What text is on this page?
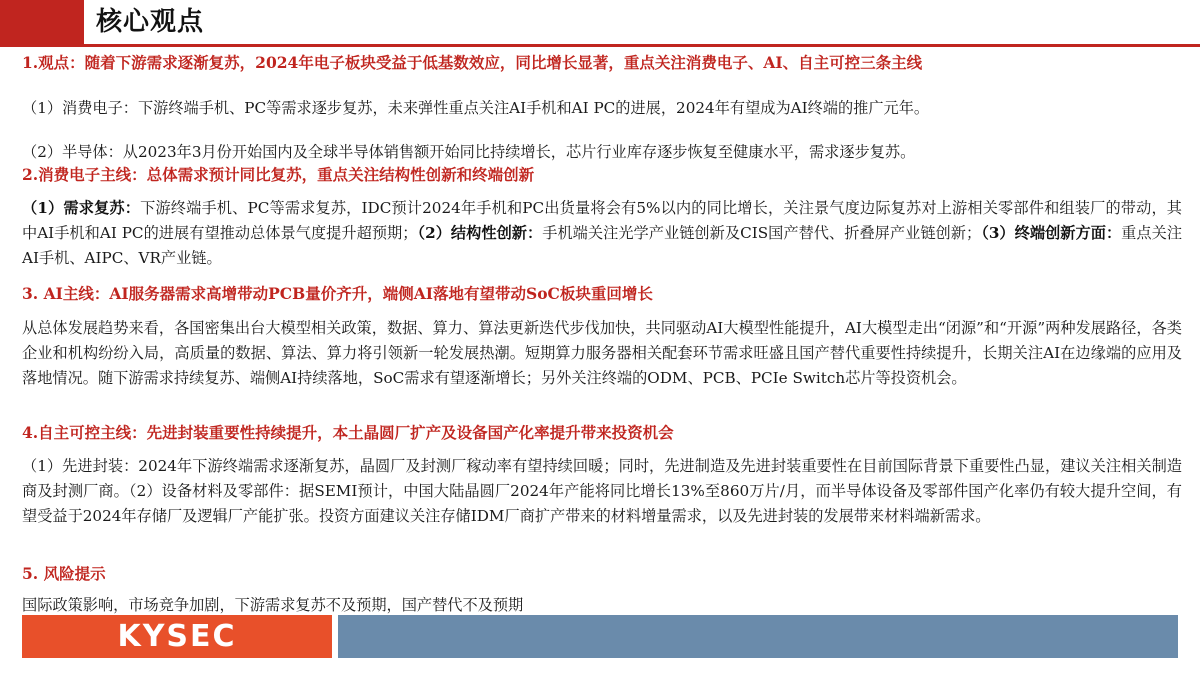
核心观点
1.观点：随着下游需求逐渐复苏，2024年电子板块受益于低基数效应，同比增长显著，重点关注消费电子、AI、自主可控三条主线
（1）消费电子：下游终端手机、PC等需求逐步复苏，未来弹性重点关注AI手机和AI PC的进展，2024年有望成为AI终端的推广元年。
（2）半导体：从2023年3月份开始国内及全球半导体销售额开始同比持续增长，芯片行业库存逐步恢复至健康水平，需求逐步复苏。
2.消费电子主线：总体需求预计同比复苏，重点关注结构性创新和终端创新
（1）需求复苏：下游终端手机、PC等需求复苏，IDC预计2024年手机和PC出货量将会有5%以内的同比增长，关注景气度边际复苏对上游相关零部件和组装厂的带动，其中AI手机和AI PC的进展有望推动总体景气度提升超预期；（2）结构性创新：手机端关注光学产业链创新及CIS国产替代、折叠屏产业链创新；（3）终端创新方面：重点关注AI手机、AIPC、VR产业链。
3. AI主线：AI服务器需求高增带动PCB量价齐升，端侧AI落地有望带动SoC板块重回增长
从总体发展趋势来看，各国密集出台大模型相关政策，数据、算力、算法更新迭代步伐加快，共同驱动AI大模型性能提升，AI大模型走出“闭源”和“开源”两种发展路径，各类企业和机构纷纷入局，高质量的数据、算法、算力将引领新一轮发展热潮。短期算力服务器相关配套环节需求旺盛且国产替代重要性持续提升，长期关注AI在边缘端的应用及落地情况。随下游需求持续复苏、端侧AI持续落地，SoC需求有望逐渐增长；另外关注终端的ODM、PCB、PCIe Switch芯片等投资机会。
4.自主可控主线：先进封装重要性持续提升，本土晶圆厂扩产及设备国产化率提升带来投资机会
（1）先进封装：2024年下游终端需求逐渐复苏，晶圆厂及封测厂稼动率有望持续回暖；同时，先进制造及先进封装重要性在目前国际背景下重要性凸显，建议关注相关制造商及封测厂商。（2）设备材料及零部件：据SEMI预计，中国大陆晶圆厂2024年产能将同比增长13%至860万片/月，而半导体设备及零部件国产化率仍有较大提升空间，有望受益于2024年存储厂及逻辑厂产能扩张。投资方面建议关注存储IDM厂商扩产带来的材料增量需求，以及先进封装的发展带来材料端新需求。
5. 风险提示
国际政策影响，市场竞争加剧，下游需求复苏不及预期，国产替代不及预期
KYSEC
